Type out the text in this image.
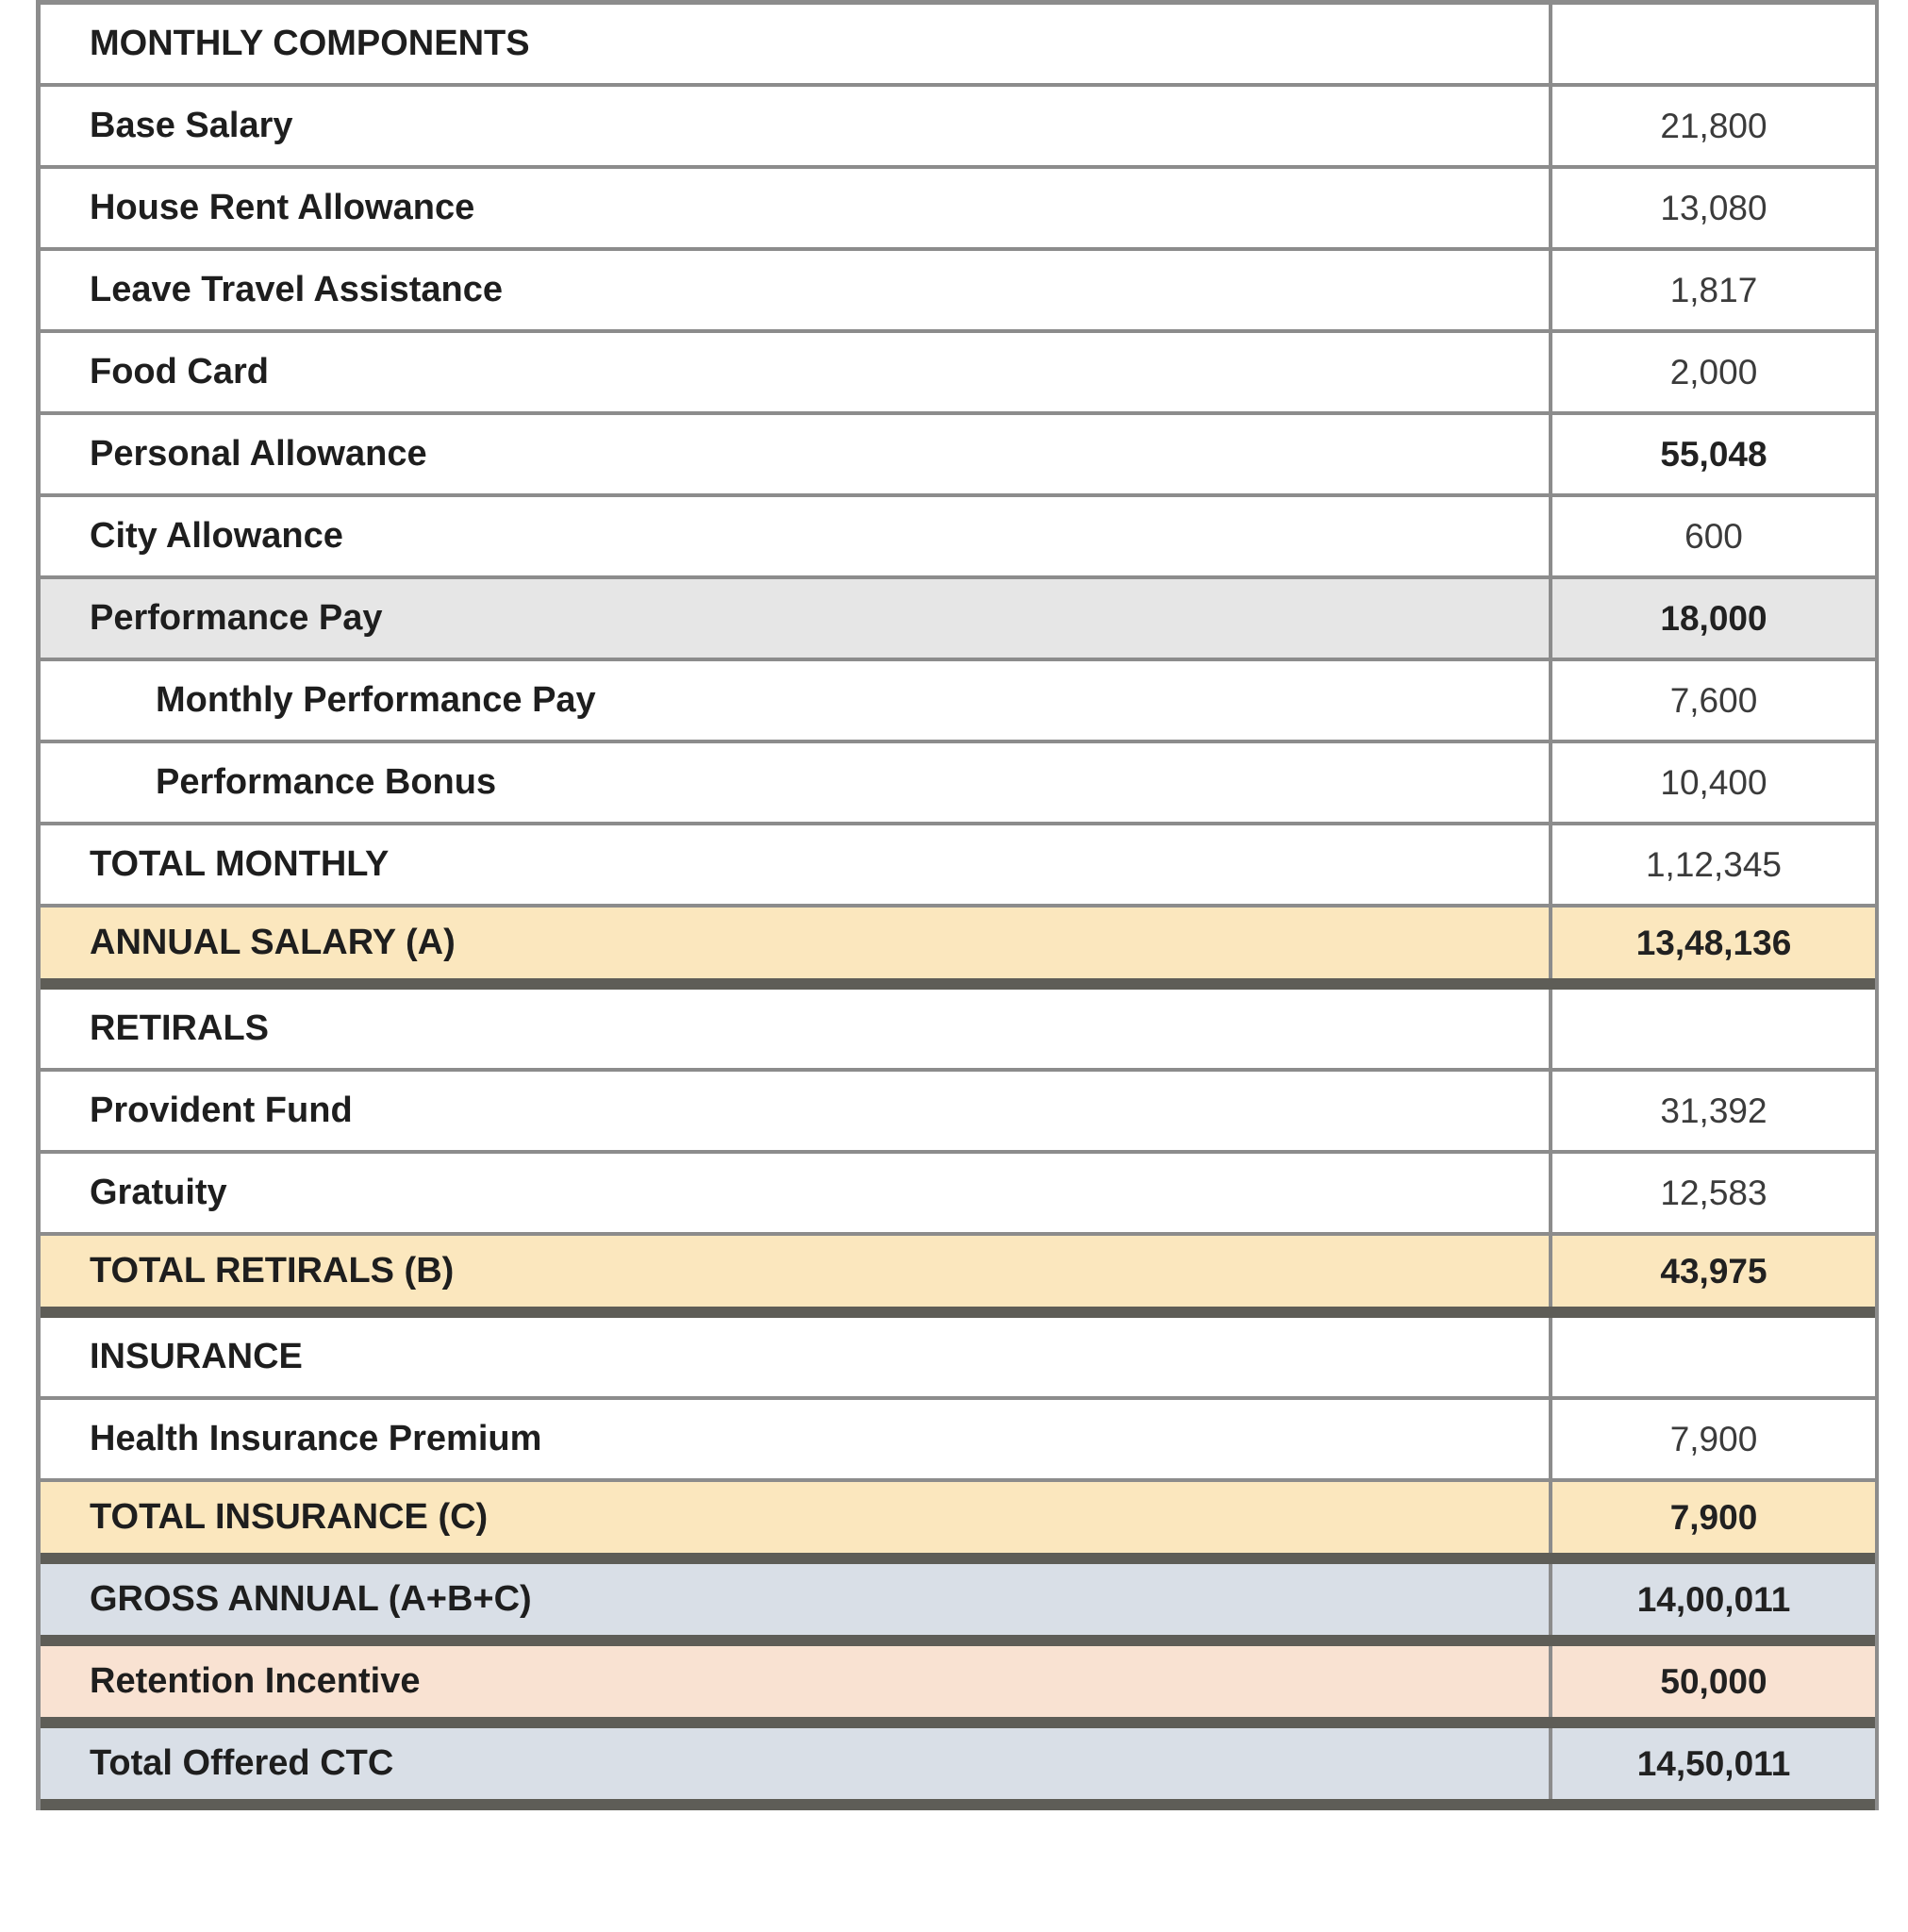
MONTHLY COMPONENTS
Base Salary	21,800
House Rent Allowance	13,080
Leave Travel Assistance	1,817
Food Card	2,000
Personal Allowance	55,048
City Allowance	600
Performance Pay	18,000
Monthly Performance Pay	7,600
Performance Bonus	10,400
TOTAL MONTHLY	1,12,345
ANNUAL SALARY (A)	13,48,136
RETIRALS
Provident Fund	31,392
Gratuity	12,583
TOTAL RETIRALS (B)	43,975
INSURANCE
Health Insurance Premium	7,900
TOTAL INSURANCE (C)	7,900
GROSS ANNUAL (A+B+C)	14,00,011
Retention Incentive	50,000
Total Offered CTC	14,50,011
